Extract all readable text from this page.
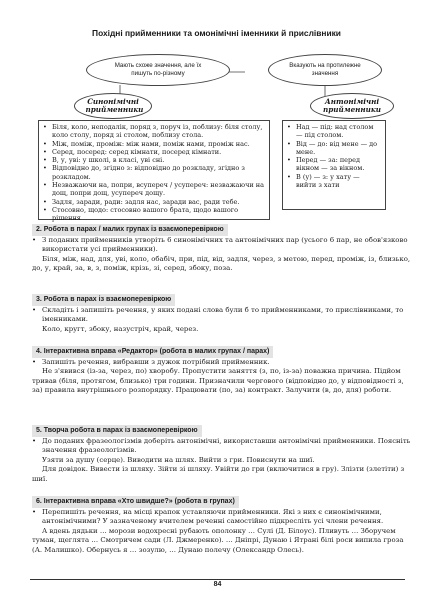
Похідні прийменники та омонімічні іменники й прислівники
Мають схоже значення, але їх пишуть по-різному
Вказують на протилежне значення
Синонімічні прийменники
Антонімічні прийменники
• Біля, коло, неподалік, поряд з, поруч із, поблизу: біля столу, коло столу, поряд зі столом, поблизу стола.
• Між, поміж, проміж: між нами, поміж нами, проміж нас.
• Серед, посеред: серед кімнати, посеред кімнати.
• В, у, уві: у школі, в класі, уві сні.
• Відповідно до, згідно з: відповідно до розкладу, згідно з розкладом.
• Незважаючи на, попри, всупереч / усупереч: незважаючи на дощ, попри дощ, усупереч дощу.
• Задля, заради, ради: задля нас, заради вас, ради тебе.
• Стосовно, щодо: стосовно вашого брата, щодо вашого рішення
• Над — під: над столом — під столом.
• Від — до: від мене — до мене.
• Перед — за: перед вікном — за вікном.
• В (у) — з: у хату — вийти з хати
2. Робота в парах / малих групах із взаємоперевіркою

• З поданих прийменників утворіть 6 синонімічних та антонімічних пар (усього 6 пар, не обов'язково використати усі прийменники).

Біля, між, над, для, уві, коло, обабіч, при, під, від, задля, через, з метою, перед, проміж, із, близько, до, у, край, за, в, з, поміж, крізь, зі, серед, збоку, поза.

3. Робота в парах із взаємоперевіркою

• Складіть і запишіть речення, у яких подані слова були б то прийменниками, то прислівниками, то іменниками.

Коло, кругт, збоку, назустріч, край, через.

4. Інтерактивна вправа «Редактор» (робота в малих групах / парах)

• Запишіть речення, вибравши з дужок потрібний прийменник.

Не з'явився (із-за, через, по) хворобу. Пропустити заняття (з, по, із-за) поважна причина. Підйом тривав (біля, протягом, близько) три години. Призначили чергового (відповідно до, у відповідності з, за) правила внутрішнього розпорядку. Працювати (по, за) контракт. Залучити (в, до, для) роботи.

5. Творча робота в парах із взаємоперевіркою

• До поданих фразеологізмів доберіть антонімічні, використавши антонімічні прийменники. Поясніть значення фразеологізмів.

Узяти за душу (серце). Виводити на шлях. Вийти з гри. Повиснути на шиї.

Для довідок. Вивести із шляху. Зійти зі шляху. Увійти до гри (включитися в гру). Злізти (злетіти) з шиї.

6. Інтерактивна вправа «Хто швидше?» (робота в групах)

• Перепишіть речення, на місці крапок уставляючи прийменники. Які з них є синонімічними, антонімічними? У зазначеному вчителем реченні самостійно підкресліть усі члени речення.

А вдень дядьки … морози водохресні рубають ополонку … Сулі (Д. Білоус). Пливуть … Зборучем туман, щеглята … Смотричем сади (Л. Джмеренко). … Дніпрі, Дунаю і Ятрані білі роси випила гроза (А. Малишко). Обернусь я … зозулю, … Дунаю полечу (Олександр Олесь).

84
